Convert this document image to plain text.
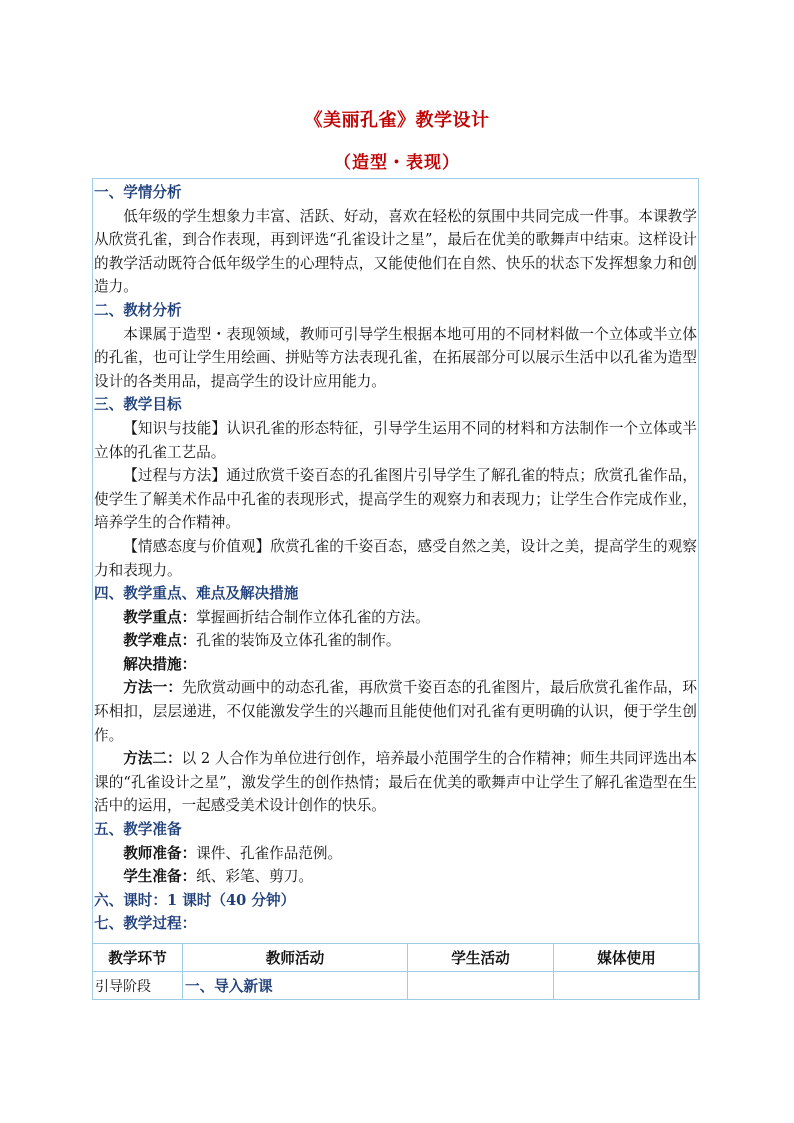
《美丽孔雀》教学设计
（造型・表现）
一、学情分析

低年级的学生想象力丰富、活跃、好动，喜欢在轻松的氛围中共同完成一件事。本课教学从欣赏孔雀，到合作表现，再到评选“孔雀设计之星”，最后在优美的歌舞声中结束。这样设计的教学活动既符合低年级学生的心理特点，又能使他们在自然、快乐的状态下发挥想象力和创造力。

二、教材分析

本课属于造型・表现领域，教师可引导学生根据本地可用的不同材料做一个立体或半立体的孔雀，也可让学生用绘画、拼贴等方法表现孔雀，在拓展部分可以展示生活中以孔雀为造型设计的各类用品，提高学生的设计应用能力。

三、教学目标

【知识与技能】认识孔雀的形态特征，引导学生运用不同的材料和方法制作一个立体或半立体的孔雀工艺品。

【过程与方法】通过欣赏千姿百态的孔雀图片引导学生了解孔雀的特点；欣赏孔雀作品，使学生了解美术作品中孔雀的表现形式，提高学生的观察力和表现力；让学生合作完成作业，培养学生的合作精神。

【情感态度与价值观】欣赏孔雀的千姿百态，感受自然之美，设计之美，提高学生的观察力和表现力。

四、教学重点、难点及解决措施

教学重点：掌握画折结合制作立体孔雀的方法。

教学难点：孔雀的装饰及立体孔雀的制作。

解决措施：

方法一：先欣赏动画中的动态孔雀，再欣赏千姿百态的孔雀图片，最后欣赏孔雀作品，环环相扣，层层递进，不仅能激发学生的兴趣而且能使他们对孔雀有更明确的认识，便于学生创作。

方法二：以 2 人合作为单位进行创作，培养最小范围学生的合作精神；师生共同评选出本课的“孔雀设计之星”，激发学生的创作热情；最后在优美的歌舞声中让学生了解孔雀造型在生活中的运用，一起感受美术设计创作的快乐。

五、教学准备

教师准备：课件、孔雀作品范例。

学生准备：纸、彩笔、剪刀。

六、课时：1 课时（40 分钟）
七、教学过程：
教学环节	教师活动	学生活动	媒体使用
引导阶段	一、导入新课		
